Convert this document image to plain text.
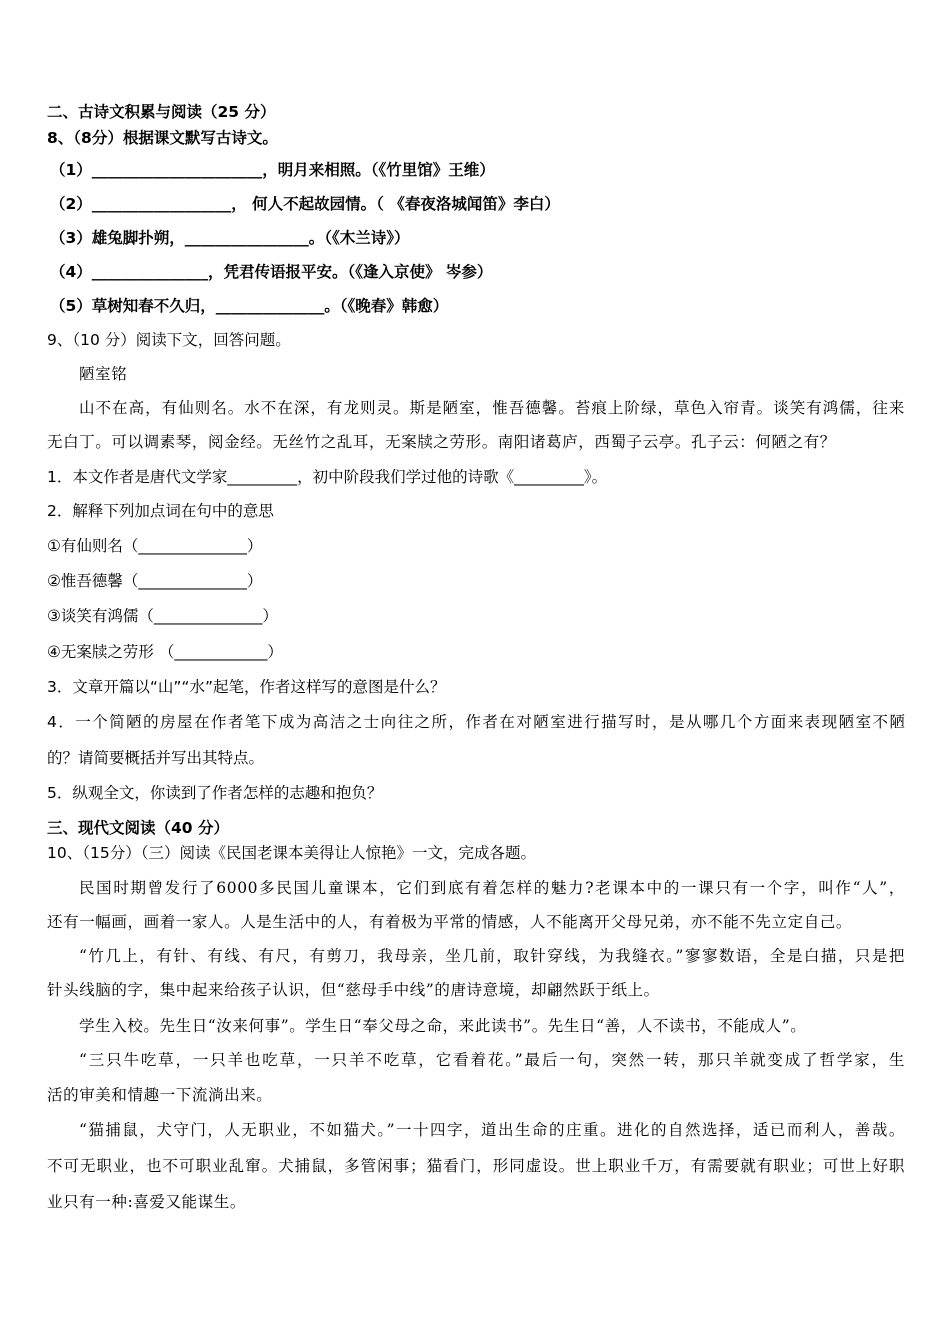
二、古诗文积累与阅读（25 分）
8、（8分）根据课文默写古诗文。
（1）______________________，明月来相照。（《竹里馆》王维）
（2）__________________， 何人不起故园情。（ 《春夜洛城闻笛》李白）
（3）雄兔脚扑朔，________________。（《木兰诗》）
（4）_______________，凭君传语报平安。（《逢入京使》 岑参）
（5）草树知春不久归，______________。（《晚春》韩愈）
9、（10 分）阅读下文，回答问题。
陋室铭
山不在高，有仙则名。水不在深，有龙则灵。斯是陋室，惟吾德馨。苔痕上阶绿，草色入帘青。谈笑有鸿儒，往来
无白丁。可以调素琴，阅金经。无丝竹之乱耳，无案牍之劳形。南阳诸葛庐，西蜀子云亭。孔子云：何陋之有？
1．本文作者是唐代文学家_________，初中阶段我们学过他的诗歌《_________》。
2．解释下列加点词在句中的意思
①有仙则名（______________）
②惟吾德馨（______________）
③谈笑有鸿儒（______________）
④无案牍之劳形 （____________）
3．文章开篇以“山”“水”起笔，作者这样写的意图是什么？
4．一个简陋的房屋在作者笔下成为高洁之士向往之所，作者在对陋室进行描写时，是从哪几个方面来表现陋室不陋
的？请简要概括并写出其特点。
5．纵观全文，你读到了作者怎样的志趣和抱负？
三、现代文阅读（40 分）
10、（15分）（三）阅读《民国老课本美得让人惊艳》一文，完成各题。
民国时期曾发行了6000多民国儿童课本，它们到底有着怎样的魅力?老课本中的一课只有一个字，叫作“人”，
还有一幅画，画着一家人。人是生活中的人，有着极为平常的情感，人不能离开父母兄弟，亦不能不先立定自己。
“竹几上，有针、有线、有尺，有剪刀，我母亲，坐几前，取针穿线，为我缝衣。”寥寥数语，全是白描，只是把
针头线脑的字，集中起来给孩子认识，但“慈母手中线”的唐诗意境，却翩然跃于纸上。
学生入校。先生日“汝来何事”。学生日“奉父母之命，来此读书”。先生日“善，人不读书，不能成人”。
“三只牛吃草，一只羊也吃草，一只羊不吃草，它看着花。”最后一句，突然一转，那只羊就变成了哲学家，生
活的审美和情趣一下流淌出来。
“猫捕鼠，犬守门，人无职业，不如猫犬。”一十四字，道出生命的庄重。进化的自然选择，适已而利人，善哉。
不可无职业，也不可职业乱窜。犬捕鼠，多管闲事；猫看门，形同虚设。世上职业千万，有需要就有职业；可世上好职
业只有一种:喜爱又能谋生。
